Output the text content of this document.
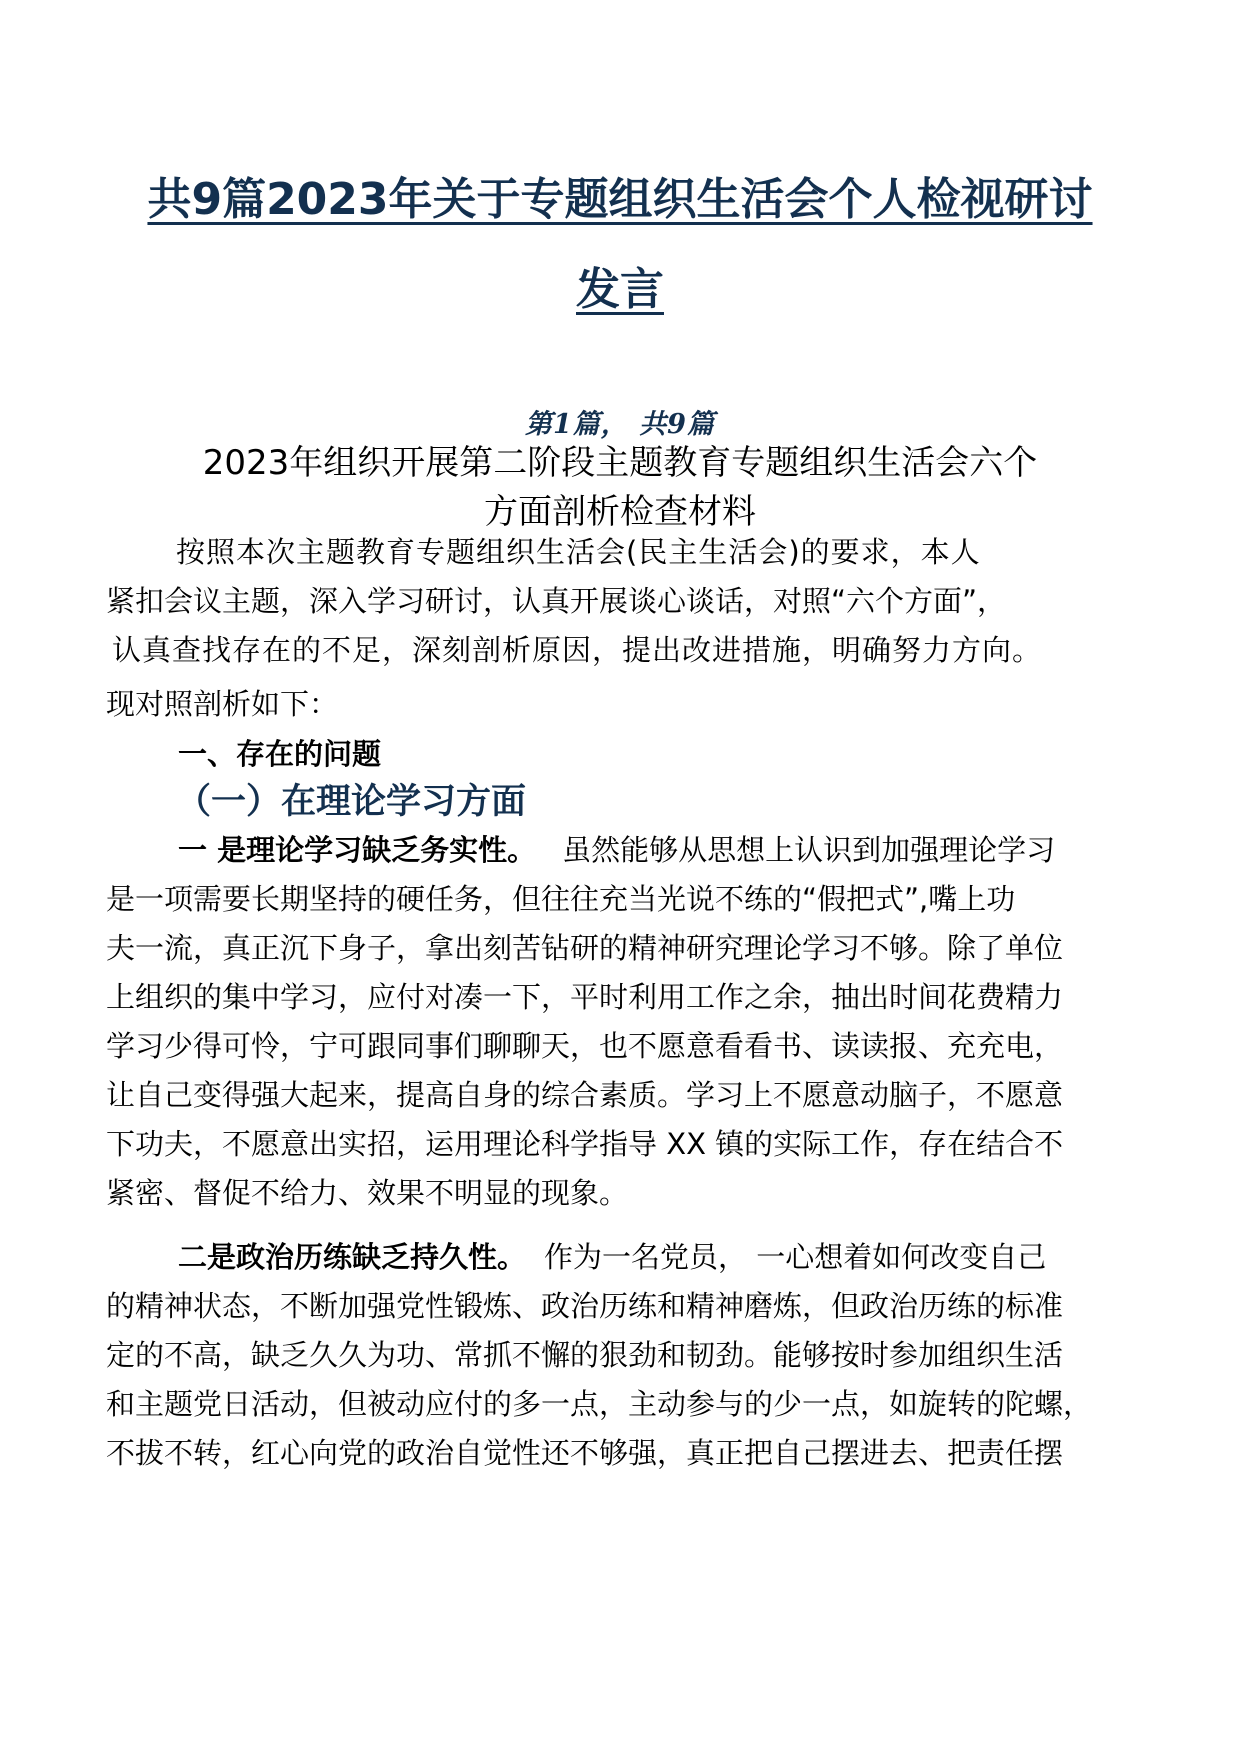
共9篇2023年关于专题组织生活会个人检视研讨
发言
第1篇， 共9篇
2023年组织开展第二阶段主题教育专题组织生活会六个
方面剖析检查材料
按照本次主题教育专题组织生活会(民主生活会)的要求，本人
紧扣会议主题，深入学习研讨，认真开展谈心谈话，对照“六个方面”，
认真查找存在的不足，深刻剖析原因，提出改进措施，明确努力方向。
现对照剖析如下：
一、存在的问题
（一）在理论学习方面
一 是理论学习缺乏务实性。 虽然能够从思想上认识到加强理论学习
是一项需要长期坚持的硬任务，但往往充当光说不练的“假把式”,嘴上功
夫一流，真正沉下身子，拿出刻苦钻研的精神研究理论学习不够。除了单位
上组织的集中学习，应付对凑一下，平时利用工作之余，抽出时间花费精力
学习少得可怜，宁可跟同事们聊聊天，也不愿意看看书、读读报、充充电，
让自己变得强大起来，提高自身的综合素质。学习上不愿意动脑子，不愿意
下功夫，不愿意出实招，运用理论科学指导 XX 镇的实际工作，存在结合不
紧密、督促不给力、效果不明显的现象。
二是政治历练缺乏持久性。 作为一名党员， 一心想着如何改变自己
的精神状态，不断加强党性锻炼、政治历练和精神磨炼，但政治历练的标准
定的不高，缺乏久久为功、常抓不懈的狠劲和韧劲。能够按时参加组织生活
和主题党日活动，但被动应付的多一点，主动参与的少一点，如旋转的陀螺，
不拔不转，红心向党的政治自觉性还不够强，真正把自己摆进去、把责任摆
